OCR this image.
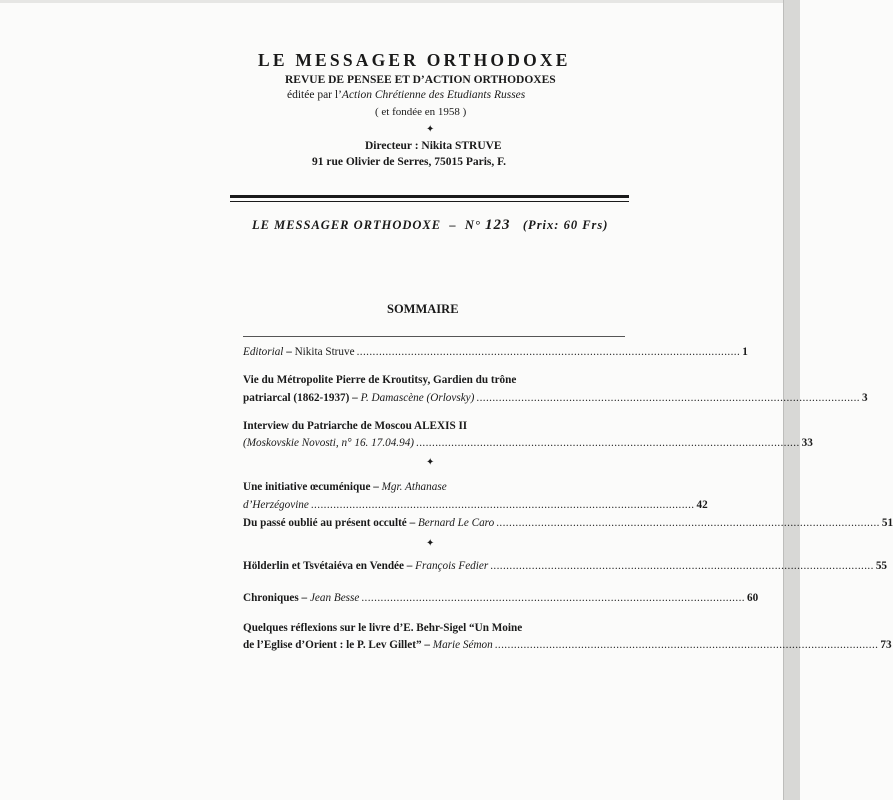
LE MESSAGER ORTHODOXE
REVUE DE PENSEE ET D’ACTION ORTHODOXES
éditée par l’Action Chrétienne des Etudiants Russes
( et fondée en 1958 )
✦
Directeur : Nikita STRUVE
91 rue Olivier de Serres, 75015 Paris, F.
LE MESSAGER ORTHODOXE – N° 123 (Prix: 60 Frs)
SOMMAIRE
Editorial – Nikita Struve ........................................................................................................................ 1
Vie du Métropolite Pierre de Kroutitsy, Gardien du trône
patriarcal (1862-1937) – P. Damascène (Orlovsky) ........................................................................................................................ 3
Interview du Patriarche de Moscou ALEXIS II
(Moskovskie Novosti, n° 16. 17.04.94) ........................................................................................................................ 33
✦
Une initiative œcuménique – Mgr. Athanase
d’Herzégovine ........................................................................................................................ 42
Du passé oublié au présent occulté – Bernard Le Caro ........................................................................................................................ 51
✦
Hölderlin et Tsvétaiéva en Vendée – François Fedier ........................................................................................................................ 55
Chroniques – Jean Besse ........................................................................................................................ 60
Quelques réflexions sur le livre d’E. Behr-Sigel “Un Moine
de l’Eglise d’Orient : le P. Lev Gillet” – Marie Sémon ........................................................................................................................ 73
